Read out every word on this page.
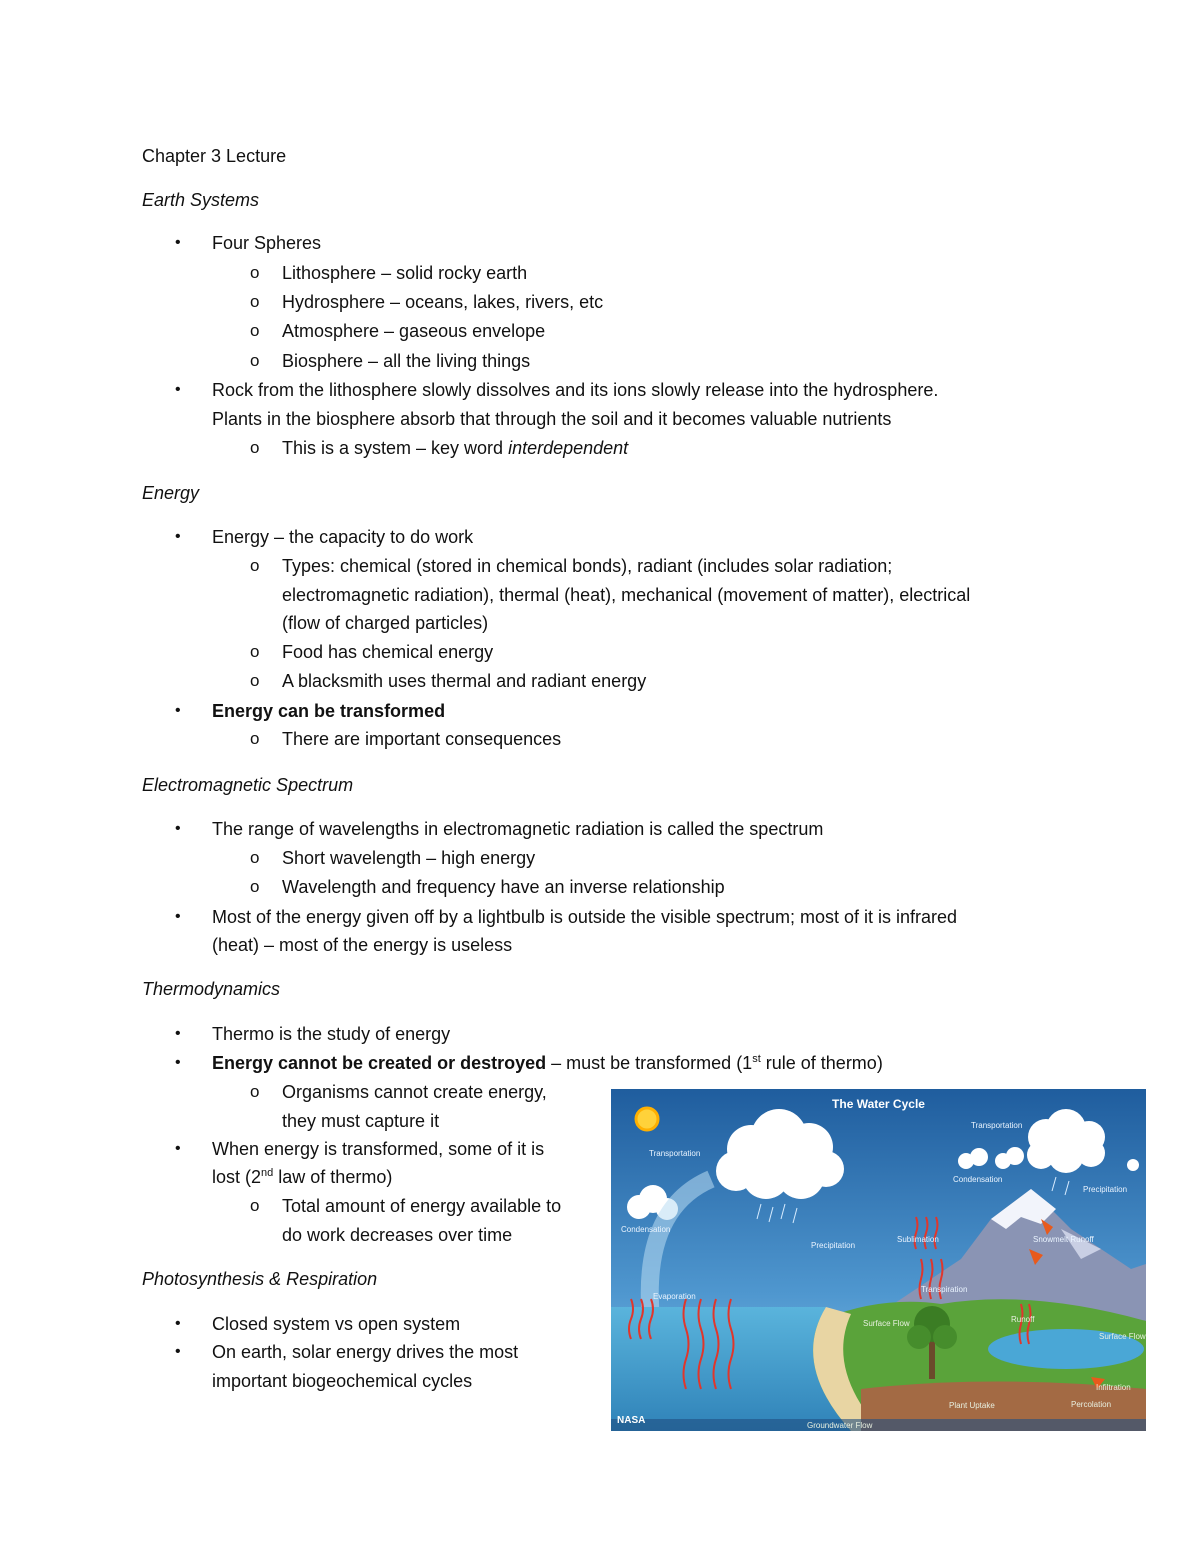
Chapter 3 Lecture
Earth Systems
• Four Spheres
o Lithosphere – solid rocky earth
o Hydrosphere – oceans, lakes, rivers, etc
o Atmosphere – gaseous envelope
o Biosphere – all the living things
• Rock from the lithosphere slowly dissolves and its ions slowly release into the hydrosphere.
Plants in the biosphere absorb that through the soil and it becomes valuable nutrients
o This is a system – key word interdependent
Energy
• Energy – the capacity to do work
o Types: chemical (stored in chemical bonds), radiant (includes solar radiation;
electromagnetic radiation), thermal (heat), mechanical (movement of matter), electrical
(flow of charged particles)
o Food has chemical energy
o A blacksmith uses thermal and radiant energy
• Energy can be transformed
o There are important consequences
Electromagnetic Spectrum
• The range of wavelengths in electromagnetic radiation is called the spectrum
o Short wavelength – high energy
o Wavelength and frequency have an inverse relationship
• Most of the energy given off by a lightbulb is outside the visible spectrum; most of it is infrared
(heat) – most of the energy is useless
Thermodynamics
• Thermo is the study of energy
• Energy cannot be created or destroyed – must be transformed (1st rule of thermo)
o Organisms cannot create energy,
they must capture it
• When energy is transformed, some of it is
lost (2nd law of thermo)
o Total amount of energy available to
do work decreases over time
Photosynthesis & Respiration
• Closed system vs open system
• On earth, solar energy drives the most
important biogeochemical cycles
The Water Cycle
Transportation
Transportation
Condensation
Condensation
Precipitation
Precipitation
Sublimation	Snowmelt Runoff
Evaporation
Transpiration
Surface Flow
Surface Flow
Runoff
Plant Uptake
Infiltration
Percolation
Groundwater Flow
NASA
